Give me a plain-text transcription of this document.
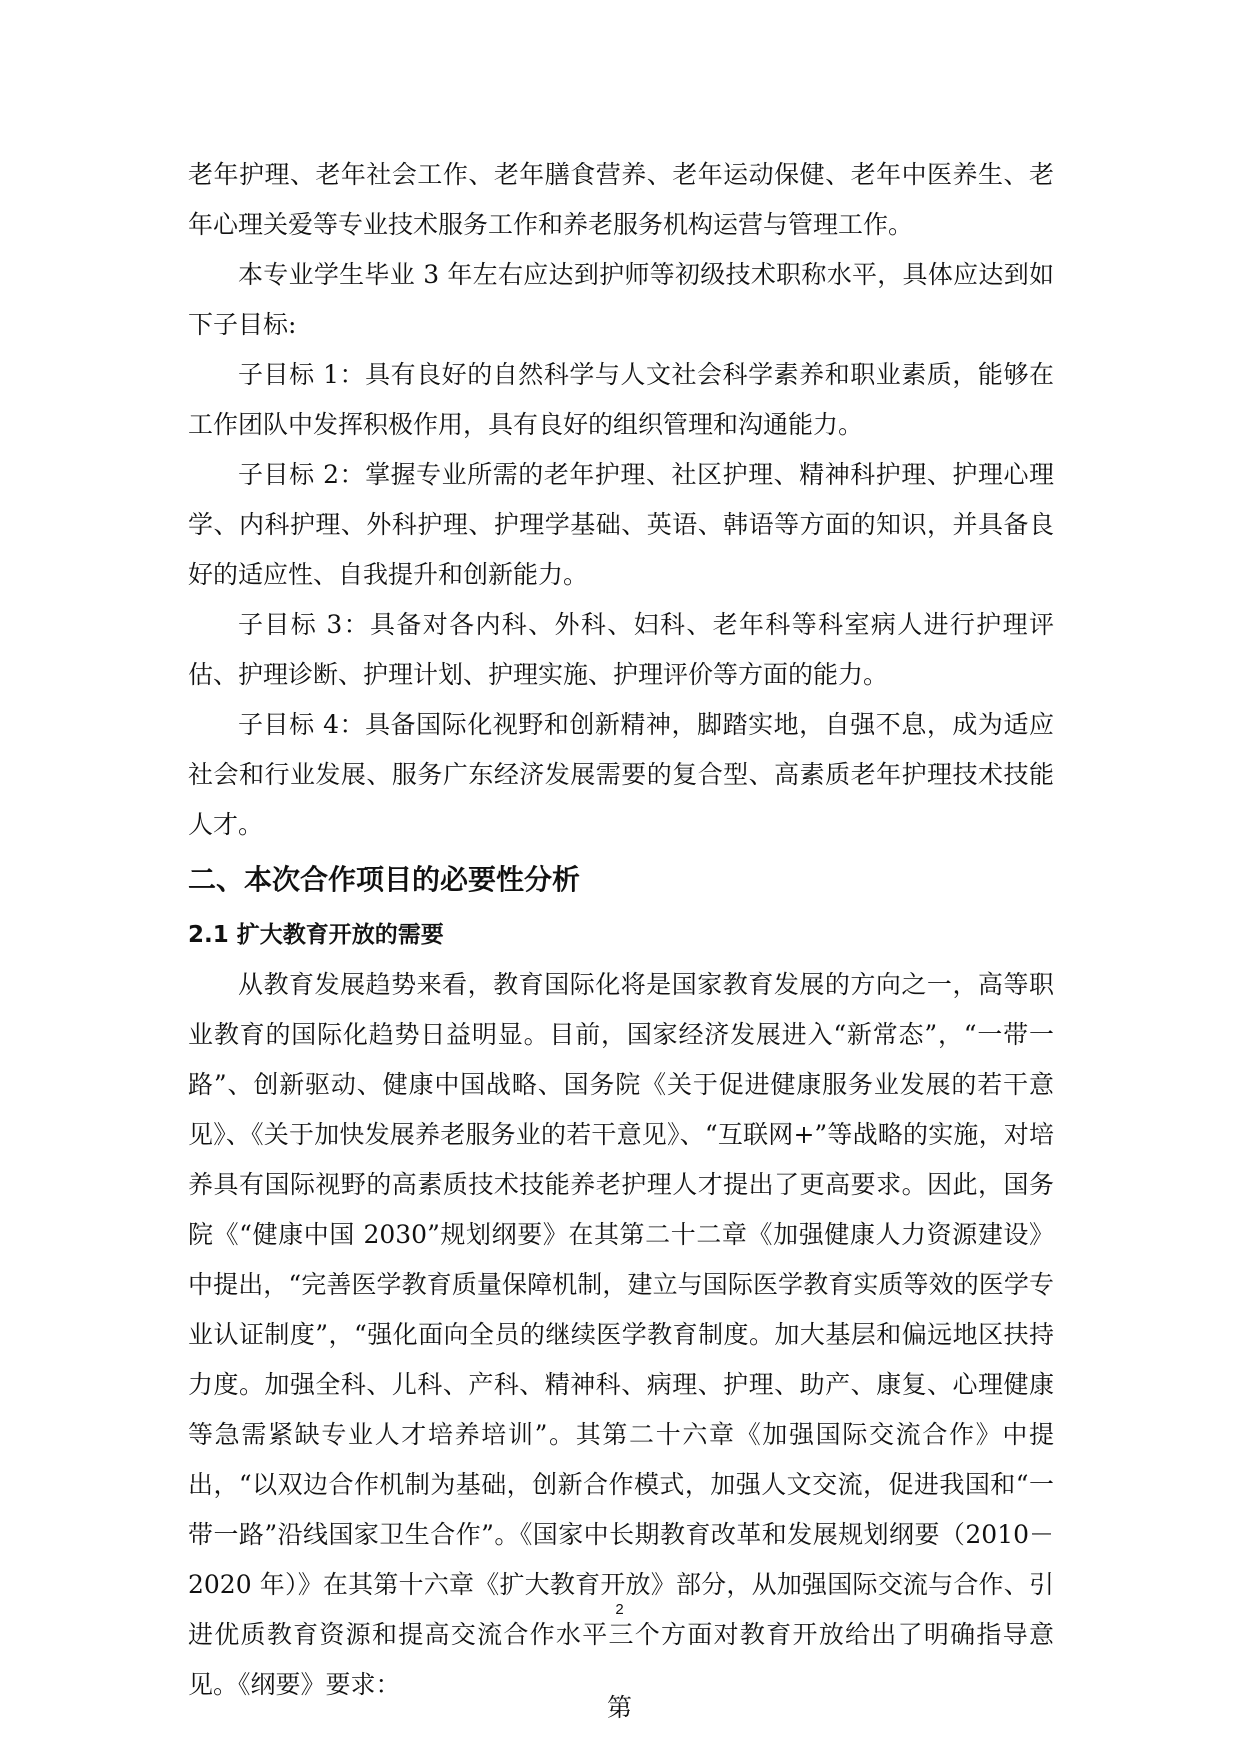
老年护理、老年社会工作、老年膳食营养、老年运动保健、老年中医养生、老年心理关爱等专业技术服务工作和养老服务机构运营与管理工作。

本专业学生毕业 3 年左右应达到护师等初级技术职称水平，具体应达到如下子目标:

子目标 1：具有良好的自然科学与人文社会科学素养和职业素质，能够在工作团队中发挥积极作用，具有良好的组织管理和沟通能力。

子目标 2：掌握专业所需的老年护理、社区护理、精神科护理、护理心理学、内科护理、外科护理、护理学基础、英语、韩语等方面的知识，并具备良好的适应性、自我提升和创新能力。

子目标 3：具备对各内科、外科、妇科、老年科等科室病人进行护理评估、护理诊断、护理计划、护理实施、护理评价等方面的能力。

子目标 4：具备国际化视野和创新精神，脚踏实地，自强不息，成为适应社会和行业发展、服务广东经济发展需要的复合型、高素质老年护理技术技能人才。

二、本次合作项目的必要性分析
2.1 扩大教育开放的需要

从教育发展趋势来看，教育国际化将是国家教育发展的方向之一，高等职业教育的国际化趋势日益明显。目前，国家经济发展进入“新常态”，“一带一路”、创新驱动、健康中国战略、国务院《关于促进健康服务业发展的若干意见》、《关于加快发展养老服务业的若干意见》、“互联网+”等战略的实施，对培养具有国际视野的高素质技术技能养老护理人才提出了更高要求。因此，国务院《“健康中国 2030”规划纲要》在其第二十二章《加强健康人力资源建设》中提出，“完善医学教育质量保障机制，建立与国际医学教育实质等效的医学专业认证制度”，“强化面向全员的继续医学教育制度。加大基层和偏远地区扶持力度。加强全科、儿科、产科、精神科、病理、护理、助产、康复、心理健康等急需紧缺专业人才培养培训”。其第二十六章《加强国际交流合作》中提出，“以双边合作机制为基础，创新合作模式，加强人文交流，促进我国和“一带一路”沿线国家卫生合作”。《国家中长期教育改革和发展规划纲要（2010－2020 年）》在其第十六章《扩大教育开放》部分，从加强国际交流与合作、引进优质教育资源和提高交流合作水平三个方面对教育开放给出了明确指导意见。《纲要》要求：

2
第
